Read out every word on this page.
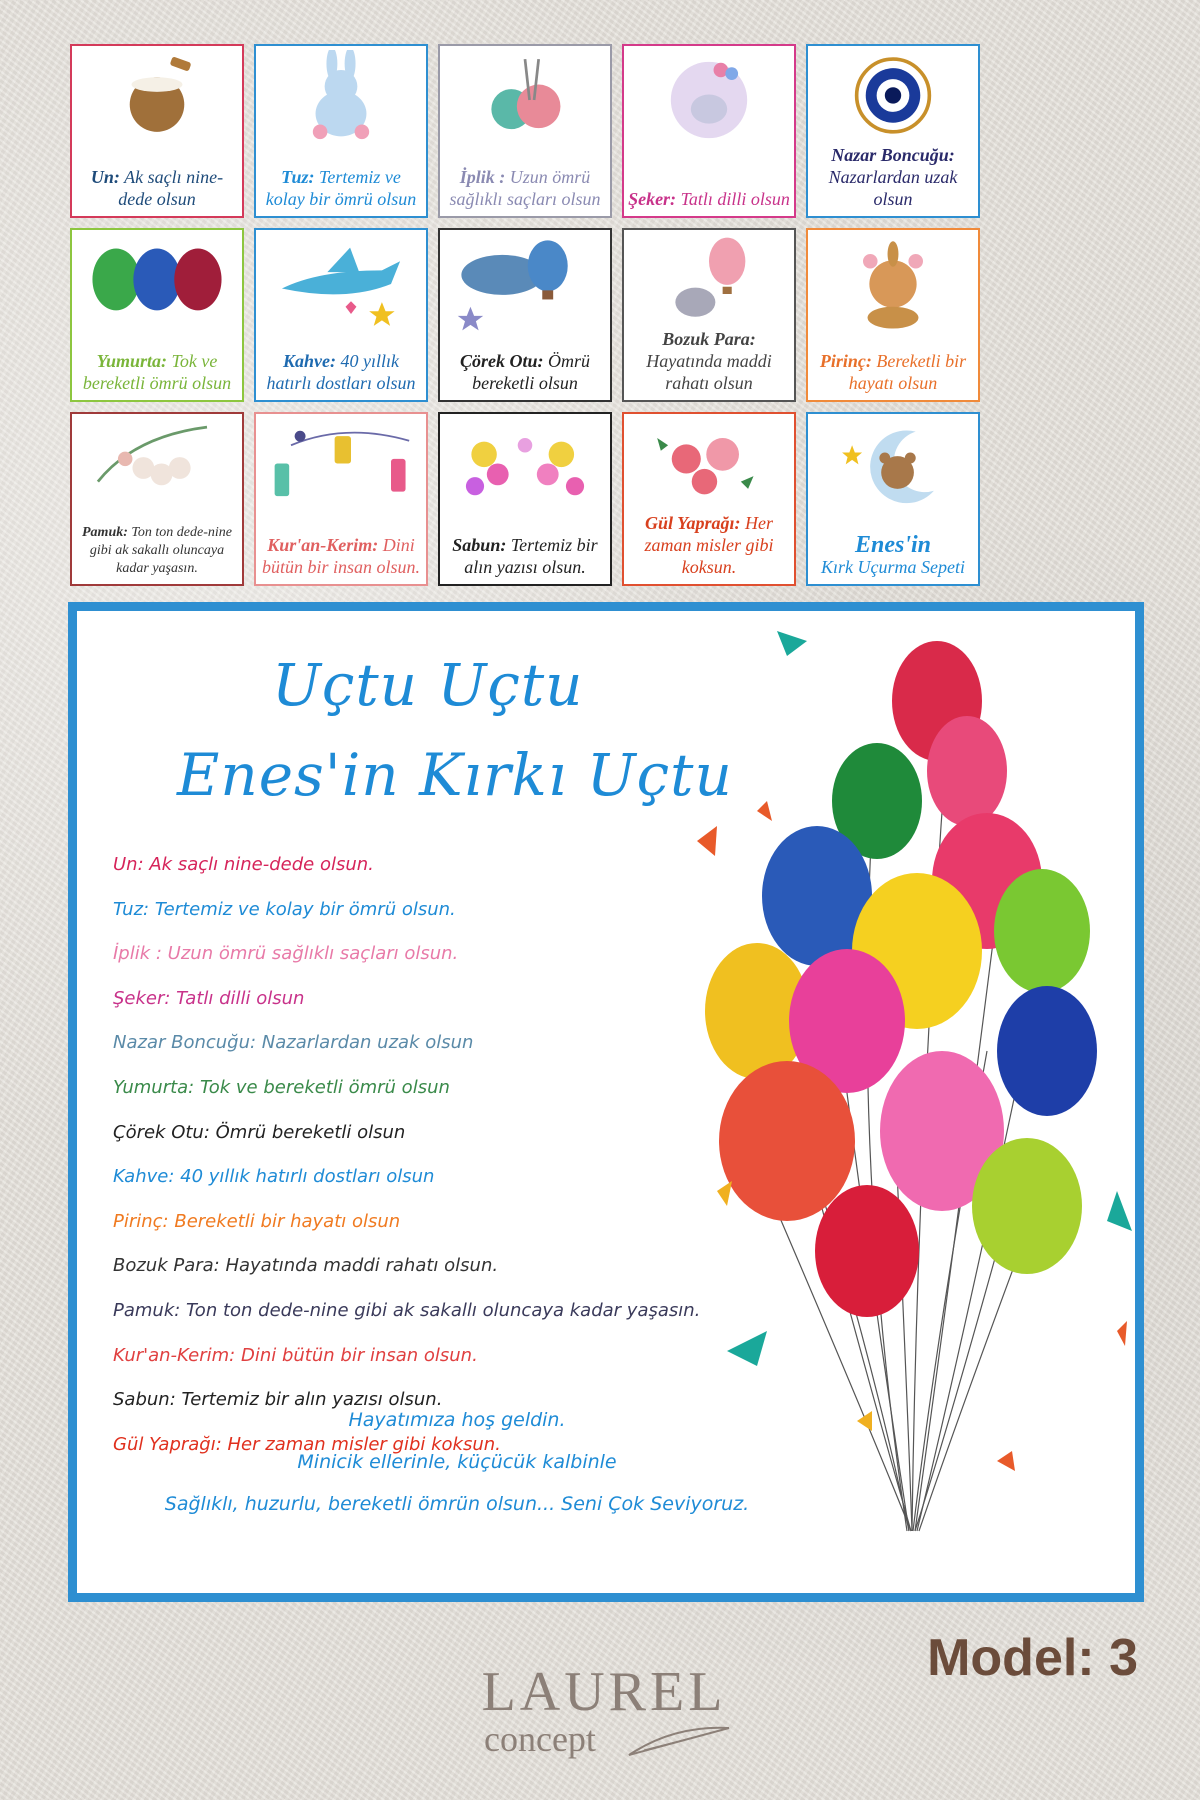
Un: Ak saçlı nine-dede olsun
Tuz: Tertemiz ve kolay bir ömrü olsun
İplik : Uzun ömrü sağlıklı saçları olsun	Şeker: Tatlı dilli olsun
Nazar Boncuğu: Nazarlardan uzak olsun
Yumurta: Tok ve bereketli ömrü olsun
Kahve: 40 yıllık hatırlı dostları olsun
Çörek Otu: Ömrü bereketli olsun
Bozuk Para: Hayatında maddi rahatı olsun
Pirinç: Bereketli bir hayatı olsun
Pamuk: Ton ton dede-nine gibi ak sakallı oluncaya kadar yaşasın.
Kur'an-Kerim: Dini bütün bir insan olsun.
Sabun: Tertemiz bir alın yazısı olsun.
Gül Yaprağı: Her zaman misler gibi koksun.
Enes'in
Kırk Uçurma Sepeti
Uçtu Uçtu
Enes'in Kırkı Uçtu
Un: Ak saçlı nine-dede olsun.
Tuz: Tertemiz ve kolay bir ömrü olsun.
İplik : Uzun ömrü sağlıklı saçları olsun.
Şeker: Tatlı dilli olsun
Nazar Boncuğu: Nazarlardan uzak olsun
Yumurta: Tok ve bereketli ömrü olsun
Çörek Otu: Ömrü bereketli olsun
Kahve: 40 yıllık hatırlı dostları olsun
Pirinç: Bereketli bir hayatı olsun
Bozuk Para: Hayatında maddi rahatı olsun.
Pamuk: Ton ton dede-nine gibi ak sakallı oluncaya kadar yaşasın.
Kur'an-Kerim: Dini bütün bir insan olsun.
Sabun: Tertemiz bir alın yazısı olsun.
Gül Yaprağı: Her zaman misler gibi koksun.
Hayatımıza hoş geldin.
Minicik ellerinle, küçücük kalbinle
Sağlıklı, huzurlu, bereketli ömrün olsun... Seni Çok Seviyoruz.
Model: 3
LAUREL
concept
